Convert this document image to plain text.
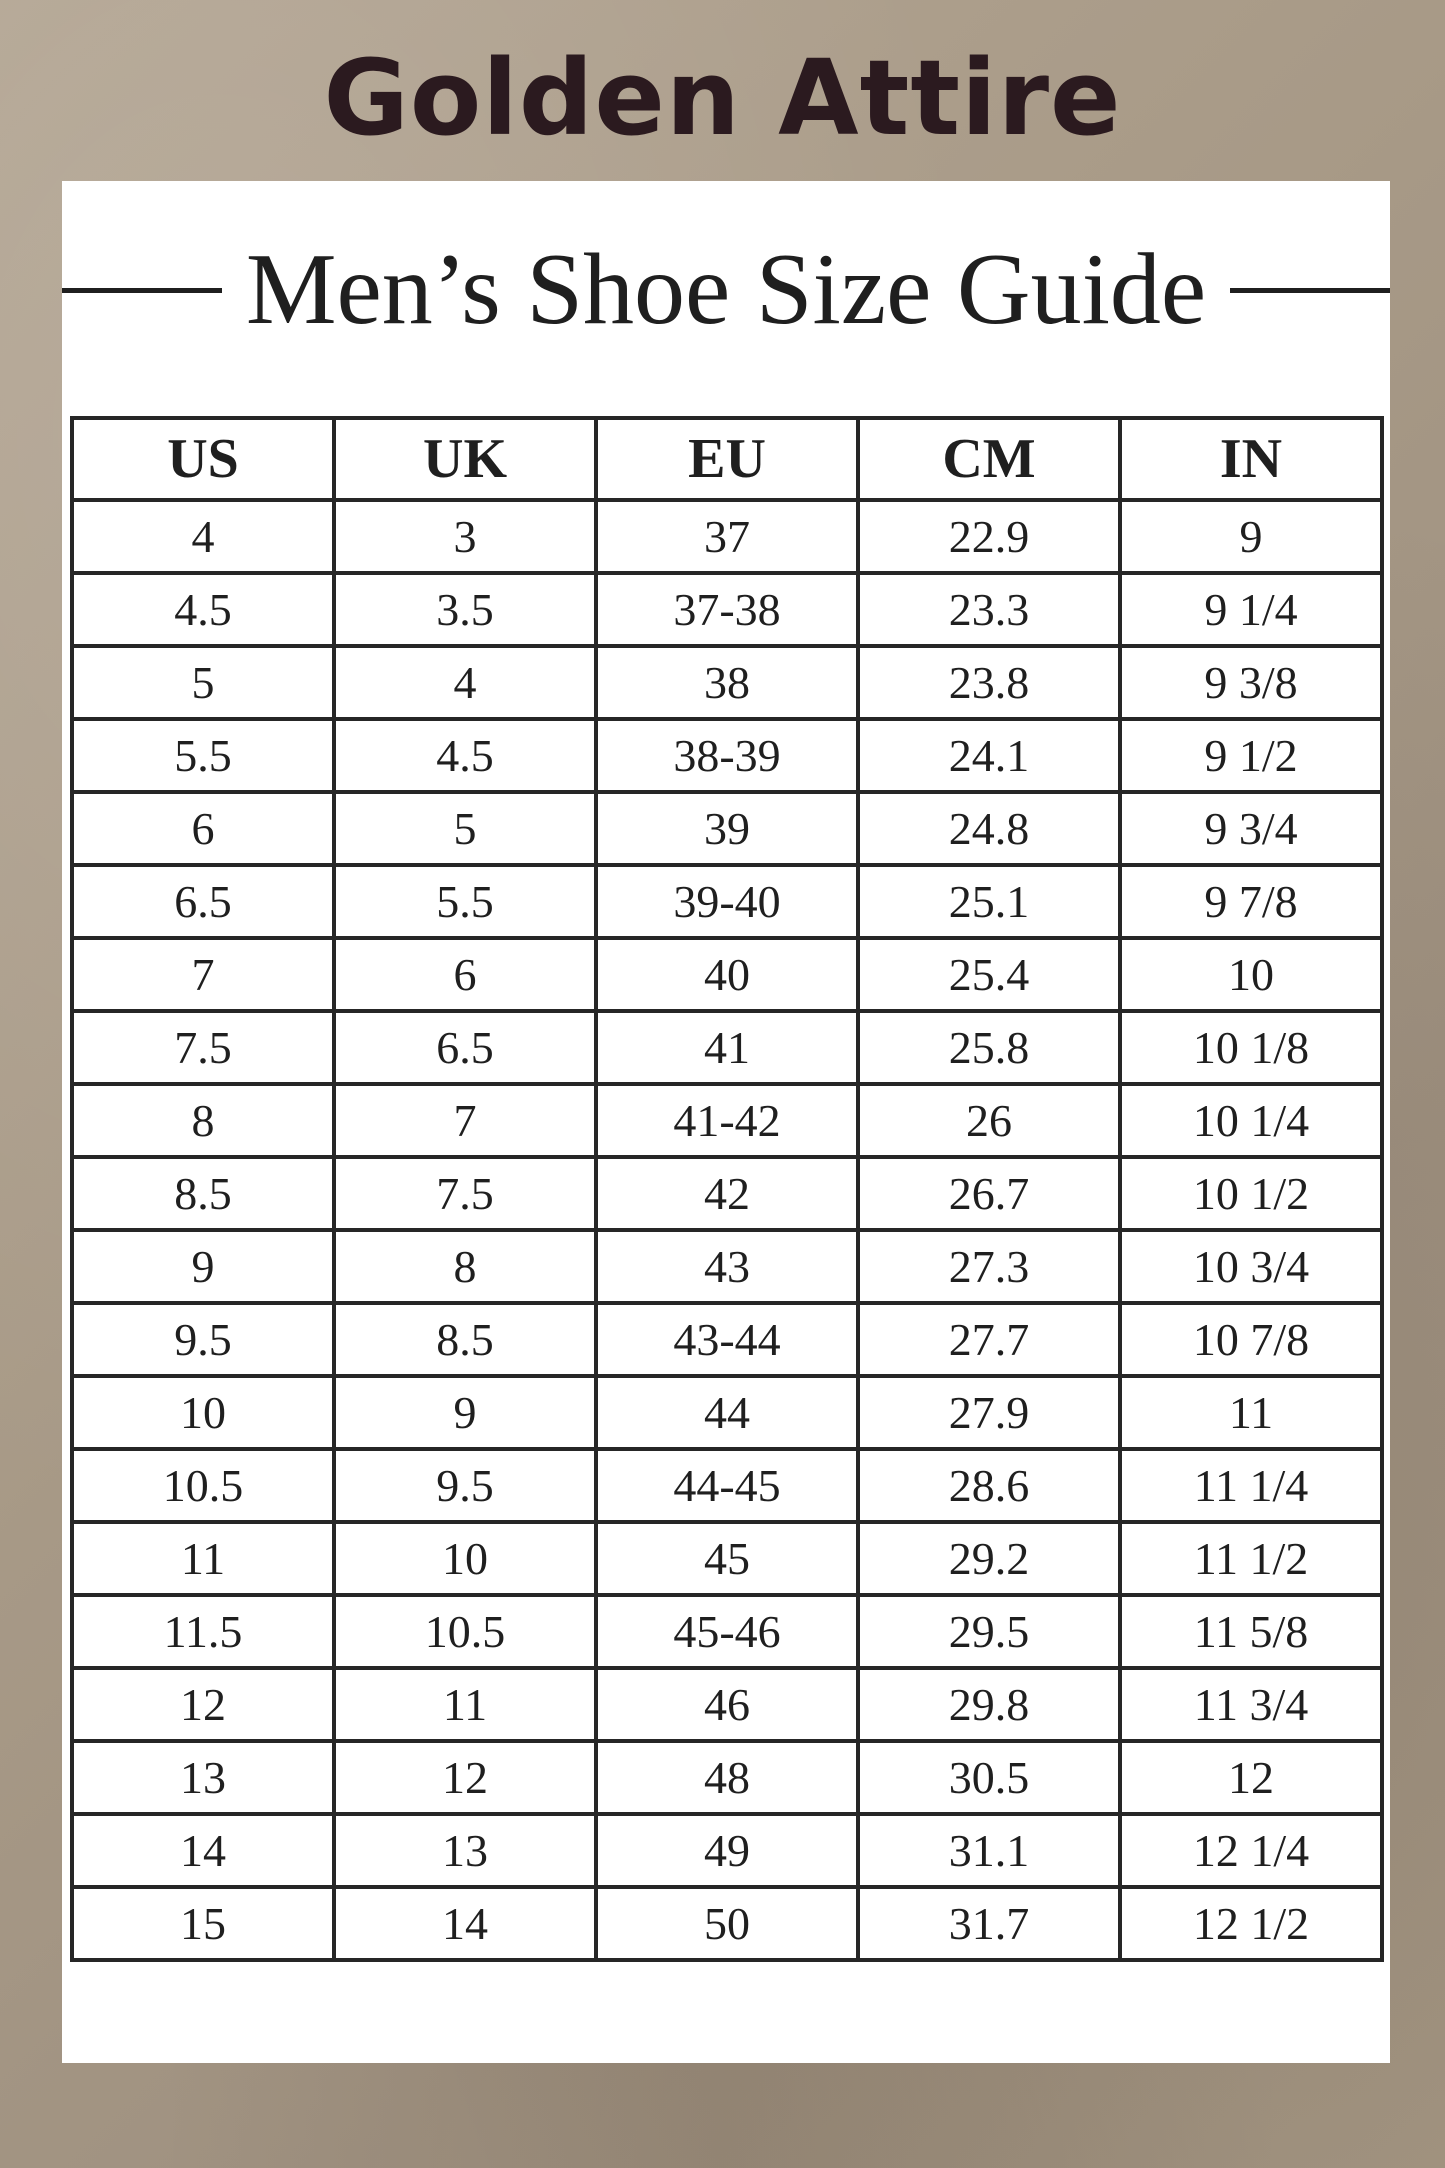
Golden Attire
Men’s Shoe Size Guide
US	UK	EU	CM	IN
4	3	37	22.9	9
4.5	3.5	37-38	23.3	9 1/4
5	4	38	23.8	9 3/8
5.5	4.5	38-39	24.1	9 1/2
6	5	39	24.8	9 3/4
6.5	5.5	39-40	25.1	9 7/8
7	6	40	25.4	10
7.5	6.5	41	25.8	10 1/8
8	7	41-42	26	10 1/4
8.5	7.5	42	26.7	10 1/2
9	8	43	27.3	10 3/4
9.5	8.5	43-44	27.7	10 7/8
10	9	44	27.9	11
10.5	9.5	44-45	28.6	11 1/4
11	10	45	29.2	11 1/2
11.5	10.5	45-46	29.5	11 5/8
12	11	46	29.8	11 3/4
13	12	48	30.5	12
14	13	49	31.1	12 1/4
15	14	50	31.7	12 1/2
